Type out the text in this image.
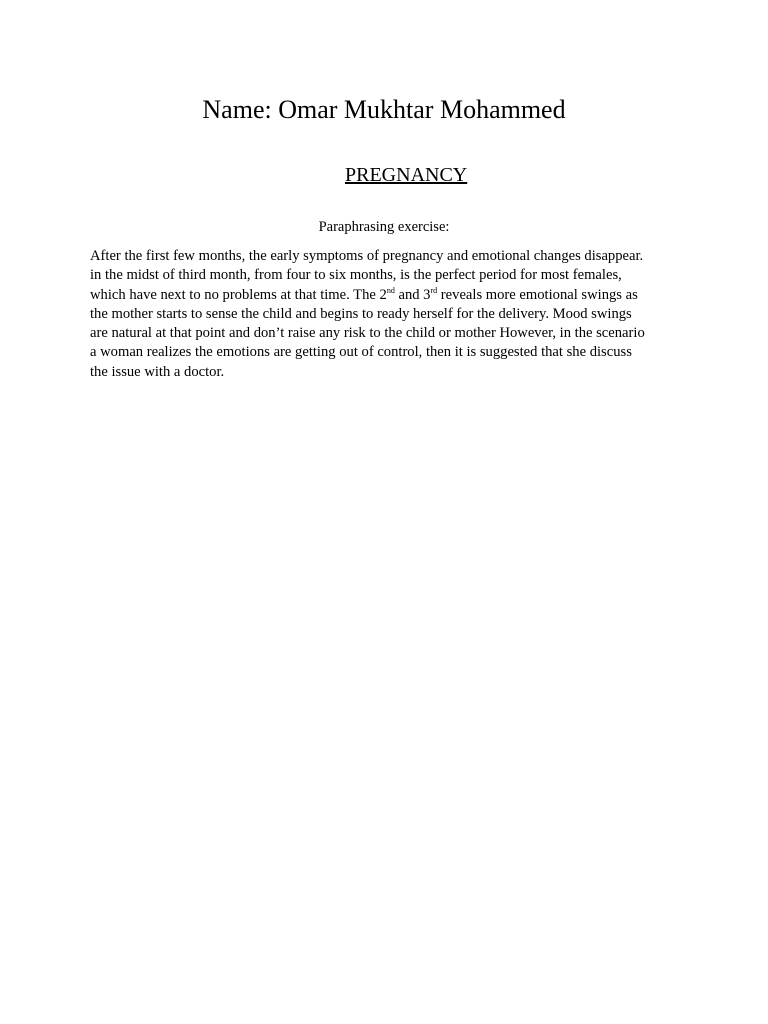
Name: Omar Mukhtar Mohammed
PREGNANCY

Paraphrasing exercise:

After the first few months, the early symptoms of pregnancy and emotional changes disappear.
in the midst of third month, from four to six months, is the perfect period for most females,
which have next to no problems at that time. The 2nd and 3rd reveals more emotional swings as
the mother starts to sense the child and begins to ready herself for the delivery. Mood swings
are natural at that point and don’t raise any risk to the child or mother However, in the scenario
a woman realizes the emotions are getting out of control, then it is suggested that she discuss
the issue with a doctor.
